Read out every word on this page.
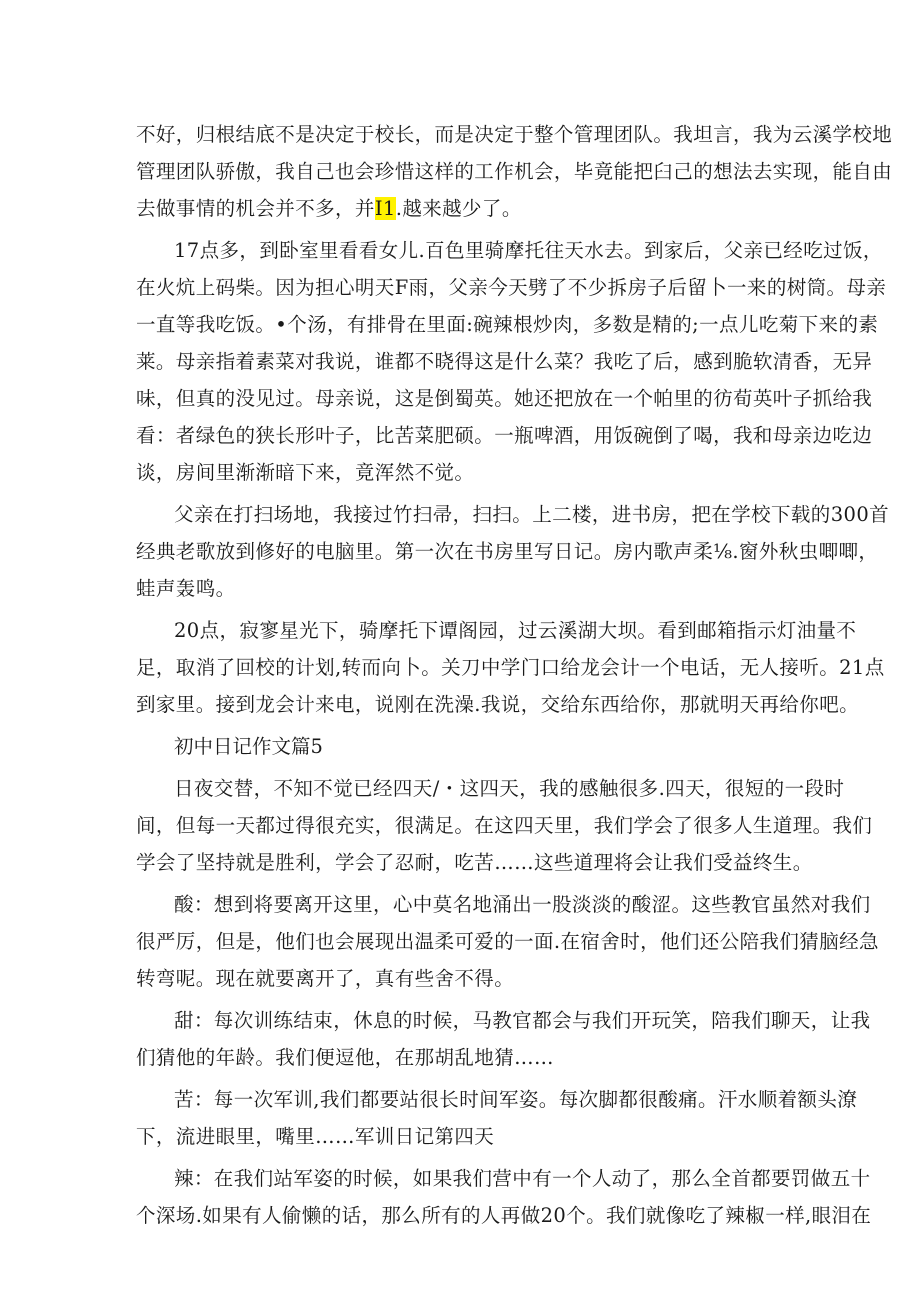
不好，归根结底不是决定于校长，而是决定于整个管理团队。我坦言，我为云溪学校地
管理团队骄傲，我自己也会珍惜这样的工作机会，毕竟能把臼己的想法去实现，能自由
去做事情的机会并不多，并I1.越来越少了。
17点多，到卧室里看看女儿.百色里骑摩托往天水去。到家后，父亲已经吃过饭，
在火炕上码柴。因为担心明天F雨，父亲今天劈了不少拆房子后留卜一来的树筒。母亲
一直等我吃饭。•个汤，有排骨在里面:碗辣根炒肉，多数是精的;一点儿吃菊下来的素
莱。母亲指着素菜对我说，谁都不晓得这是什么菜？我吃了后，感到脆软清香，无异
味，但真的没见过。母亲说，这是倒蜀英。她还把放在一个帕里的彷荀英叶子抓给我
看：者绿色的狭长形叶子，比苦菜肥硕。一瓶啤酒，用饭碗倒了喝，我和母亲边吃边
谈，房间里渐渐暗下来，竟浑然不觉。
父亲在打扫场地，我接过竹扫帚，扫扫。上二楼，进书房，把在学校下载的300首
经典老歌放到修好的电脑里。第一次在书房里写日记。房内歌声柔⅛.窗外秋虫唧唧，
蛙声轰鸣。
20点，寂寥星光下，骑摩托下谭阁园，过云溪湖大坝。看到邮箱指示灯油量不
足，取消了回校的计划,转而向卜。关刀中学门口给龙会计一个电话，无人接听。21点
到家里。接到龙会计来电，说刚在洗澡.我说，交给东西给你，那就明天再给你吧。
初中日记作文篇5
日夜交替，不知不觉已经四天/・这四天，我的感触很多.四天，很短的一段时
间，但每一天都过得很充实，很满足。在这四天里，我们学会了很多人生道理。我们
学会了坚持就是胜利，学会了忍耐，吃苦……这些道理将会让我们受益终生。
酸：想到将要离开这里，心中莫名地涌出一股淡淡的酸涩。这些教官虽然对我们
很严厉，但是，他们也会展现出温柔可爱的一面.在宿舍时，他们还公陪我们猜脑经急
转弯呢。现在就要离开了，真有些舍不得。
甜：每次训练结束，休息的时候，马教官都会与我们开玩笑，陪我们聊天，让我
们猜他的年龄。我们便逗他，在那胡乱地猜……
苦：每一次军训,我们都要站很长时间军姿。每次脚都很酸痛。汗水顺着额头潦
下，流进眼里，嘴里……军训日记第四天
辣：在我们站军姿的时候，如果我们营中有一个人动了，那么全首都要罚做五十
个深场.如果有人偷懒的话，那么所有的人再做20个。我们就像吃了辣椒一样,眼泪在
